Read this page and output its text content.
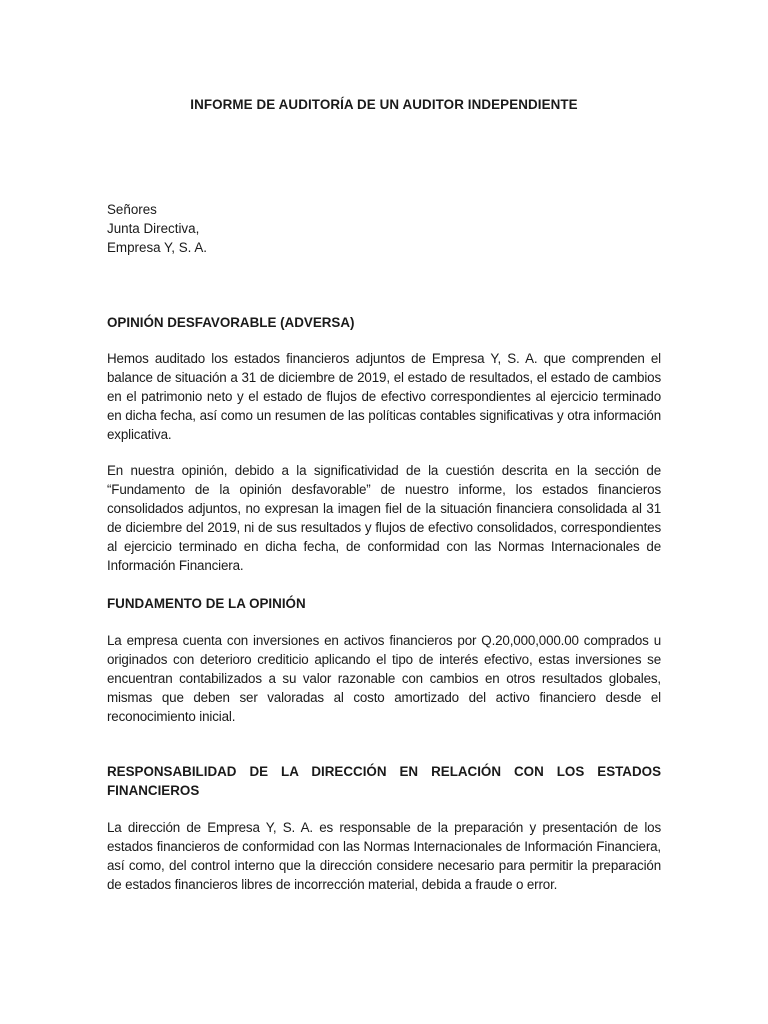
INFORME DE AUDITORÍA DE UN AUDITOR INDEPENDIENTE
Señores
Junta Directiva,
Empresa Y, S. A.
OPINIÓN DESFAVORABLE (ADVERSA)
Hemos auditado los estados financieros adjuntos de Empresa Y, S. A. que comprenden el balance de situación a 31 de diciembre de 2019, el estado de resultados, el estado de cambios en el patrimonio neto y el estado de flujos de efectivo correspondientes al ejercicio terminado en dicha fecha, así como un resumen de las políticas contables significativas y otra información explicativa.
En nuestra opinión, debido a la significatividad de la cuestión descrita en la sección de “Fundamento de la opinión desfavorable” de nuestro informe, los estados financieros consolidados adjuntos, no expresan la imagen fiel de la situación financiera consolidada al 31 de diciembre del 2019, ni de sus resultados y flujos de efectivo consolidados, correspondientes al ejercicio terminado en dicha fecha, de conformidad con las Normas Internacionales de Información Financiera.
FUNDAMENTO DE LA OPINIÓN
La empresa cuenta con inversiones en activos financieros por Q.20,000,000.00 comprados u originados con deterioro crediticio aplicando el tipo de interés efectivo, estas inversiones se encuentran contabilizados a su valor razonable con cambios en otros resultados globales, mismas que deben ser valoradas al costo amortizado del activo financiero desde el reconocimiento inicial.
RESPONSABILIDAD DE LA DIRECCIÓN EN RELACIÓN CON LOS ESTADOS FINANCIEROS
La dirección de Empresa Y, S. A. es responsable de la preparación y presentación de los estados financieros de conformidad con las Normas Internacionales de Información Financiera, así como, del control interno que la dirección considere necesario para permitir la preparación de estados financieros libres de incorrección material, debida a fraude o error.
